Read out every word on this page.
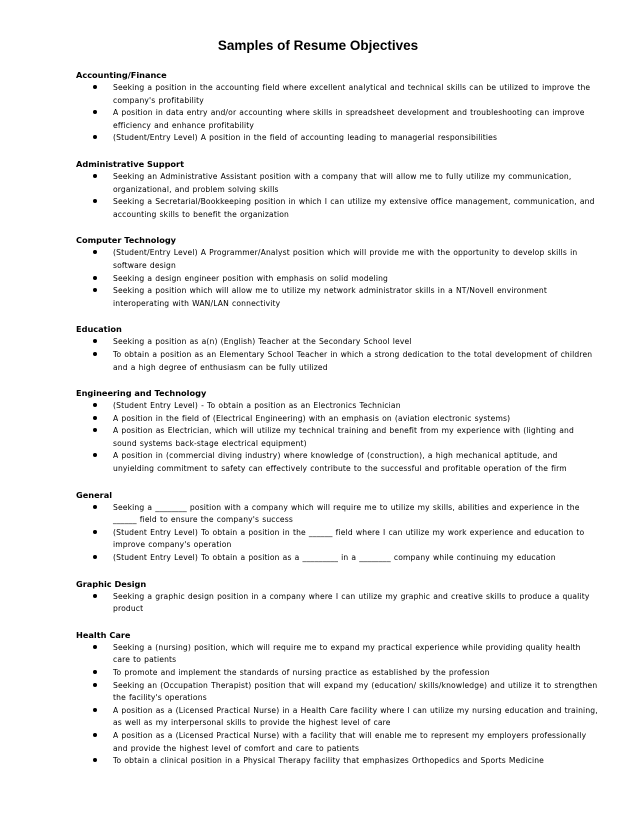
Samples of Resume Objectives
Accounting/Finance
Seeking a position in the accounting field where excellent analytical and technical skills can be utilized to improve the company's profitability
A position in data entry and/or accounting where skills in spreadsheet development and troubleshooting can improve efficiency and enhance profitability
(Student/Entry Level) A position in the field of accounting leading to managerial responsibilities
Administrative Support
Seeking an Administrative Assistant position with a company that will allow me to fully utilize my communication, organizational, and problem solving skills
Seeking a Secretarial/Bookkeeping position in which I can utilize my extensive office management, communication, and accounting skills to benefit the organization
Computer Technology
(Student/Entry Level) A Programmer/Analyst position which will provide me with the opportunity to develop skills in software design
Seeking a design engineer position with emphasis on solid modeling
Seeking a position which will allow me to utilize my network administrator skills in a NT/Novell environment interoperating with WAN/LAN connectivity
Education
Seeking a position as a(n) (English) Teacher at the Secondary School level
To obtain a position as an Elementary School Teacher in which a strong dedication to the total development of children and a high degree of enthusiasm can be fully utilized
Engineering and Technology
(Student Entry Level) - To obtain a position as an Electronics Technician
A position in the field of (Electrical Engineering) with an emphasis on (aviation electronic systems)
A position as Electrician, which will utilize my technical training and benefit from my experience with (lighting and sound systems back-stage electrical equipment)
A position in (commercial diving industry) where knowledge of (construction), a high mechanical aptitude, and unyielding commitment to safety can effectively contribute to the successful and profitable operation of the firm
General
Seeking a ________ position with a company which will require me to utilize my skills, abilities and experience in the ______ field to ensure the company's success
(Student Entry Level) To obtain a position in the ______ field where I can utilize my work experience and education to improve company's operation
(Student Entry Level) To obtain a position as a _________ in a ________ company while continuing my education
Graphic Design
Seeking a graphic design position in a company where I can utilize my graphic and creative skills to produce a quality product
Health Care
Seeking a (nursing) position, which will require me to expand my practical experience while providing quality health care to patients
To promote and implement the standards of nursing practice as established by the profession
Seeking an (Occupation Therapist) position that will expand my (education/ skills/knowledge) and utilize it to strengthen the facility's operations
A position as a (Licensed Practical Nurse) in a Health Care facility where I can utilize my nursing education and training, as well as my interpersonal skills to provide the highest level of care
A position as a (Licensed Practical Nurse) with a facility that will enable me to represent my employers professionally and provide the highest level of comfort and care to patients
To obtain a clinical position in a Physical Therapy facility that emphasizes Orthopedics and Sports Medicine
